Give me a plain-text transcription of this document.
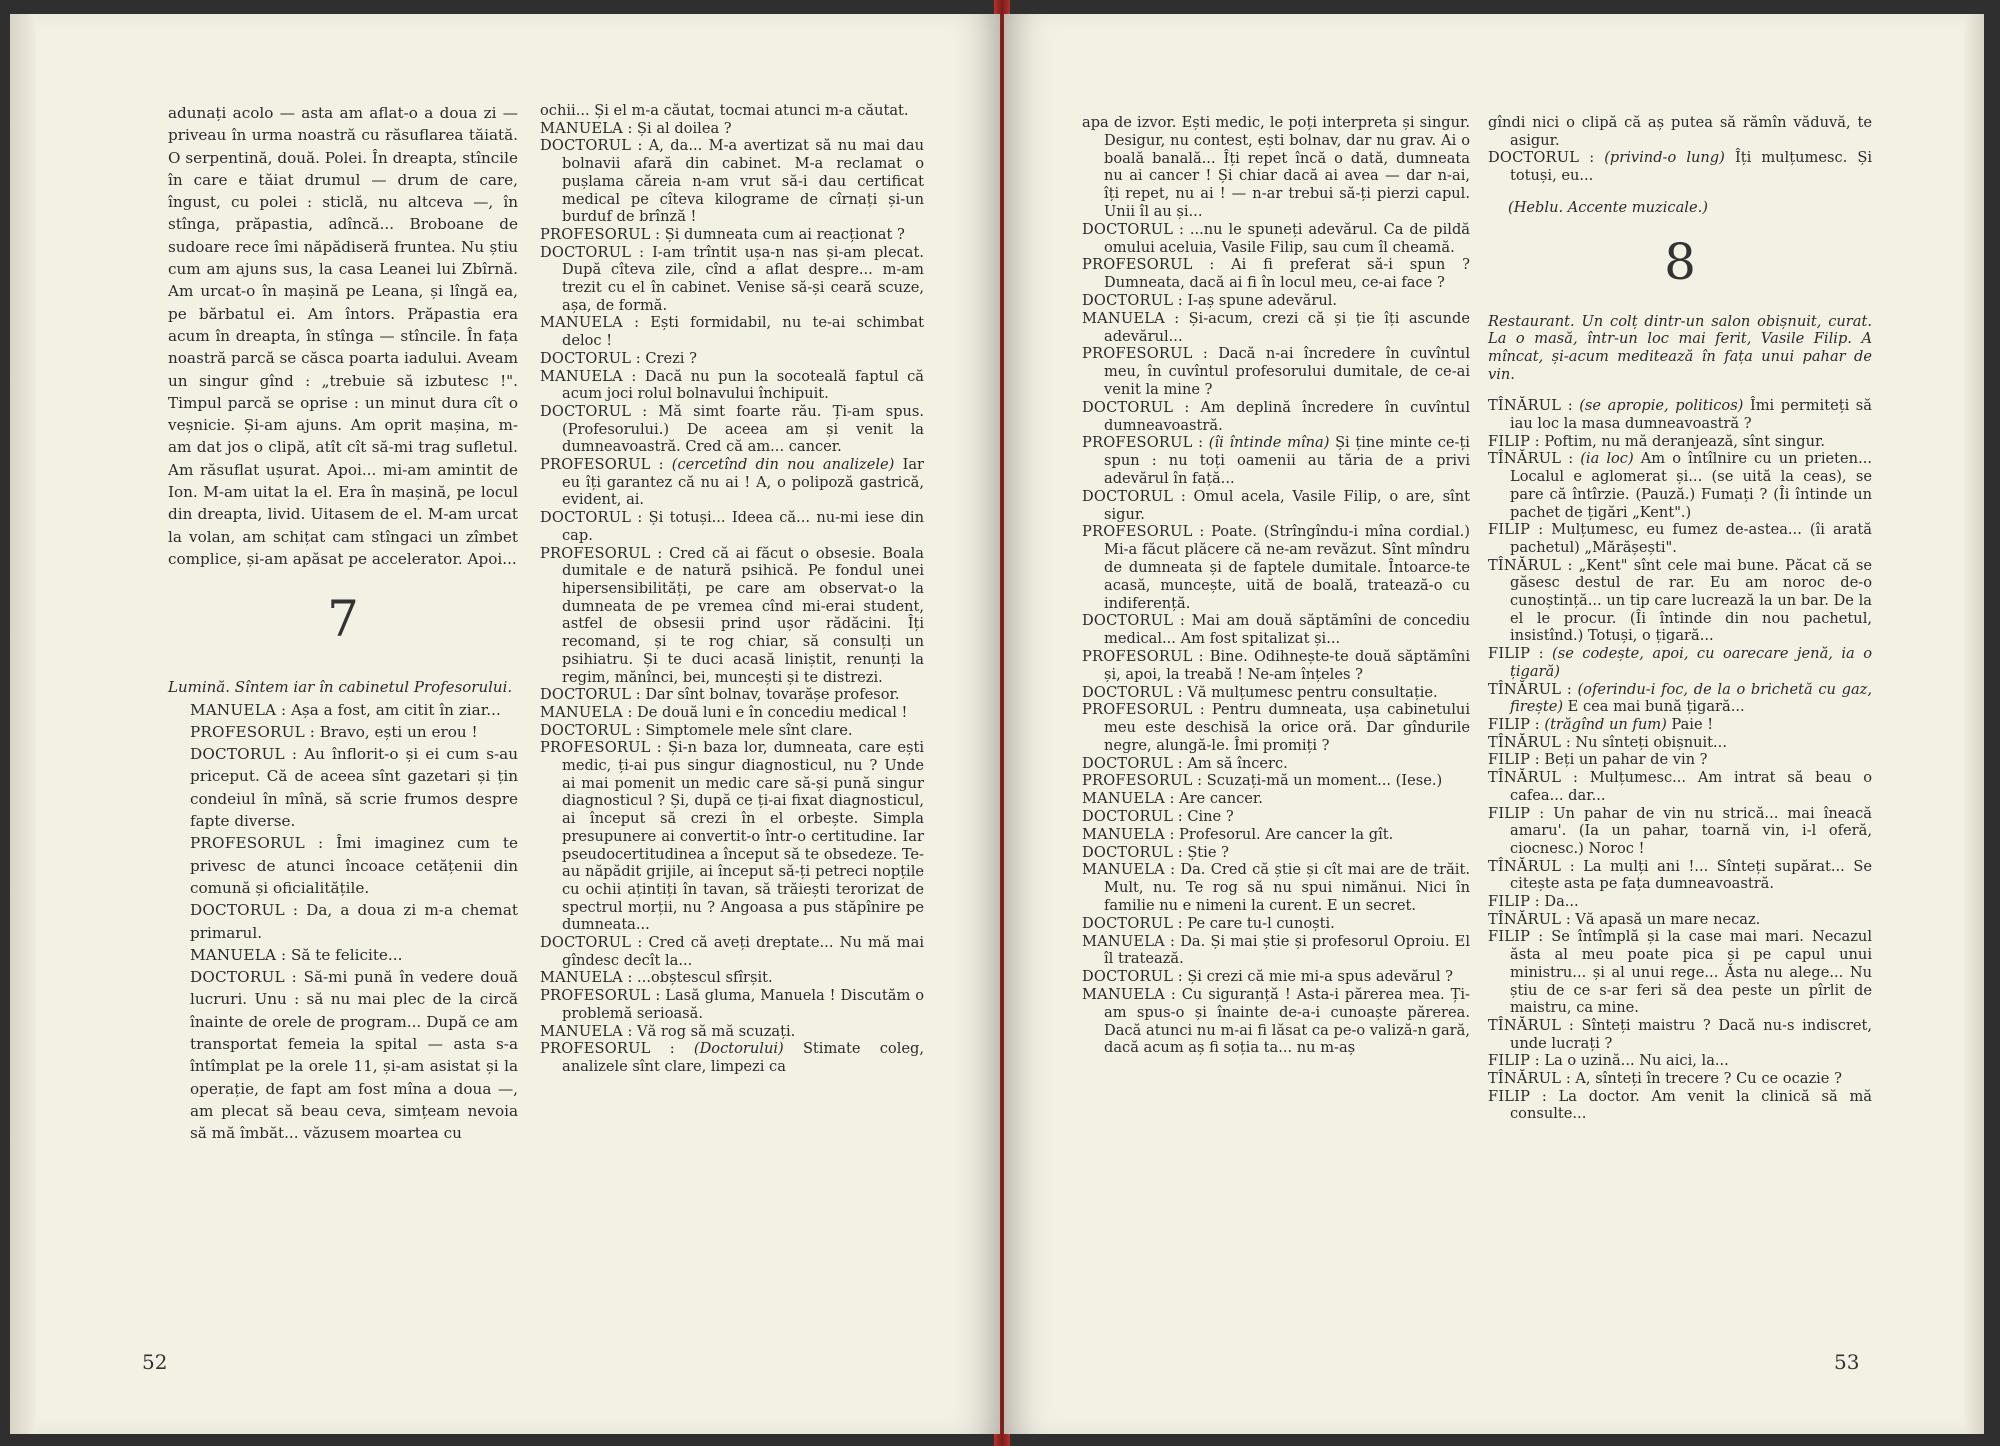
adunați acolo — asta am aflat-o a doua zi — priveau în urma noastră cu răsuflarea tăiată. O serpentină, două. Polei. În dreapta, stîncile în care e tăiat drumul — drum de care, îngust, cu polei : sticlă, nu altceva —, în stînga, prăpastia, adîncă... Broboane de sudoare rece îmi năpădiseră fruntea. Nu știu cum am ajuns sus, la casa Leanei lui Zbîrnă. Am urcat-o în mașină pe Leana, și lîngă ea, pe bărbatul ei. Am întors. Prăpastia era acum în dreapta, în stînga — stîncile. În fața noastră parcă se căsca poarta iadului. Aveam un singur gînd : „trebuie să izbutesc !". Timpul parcă se oprise : un minut dura cît o veșnicie. Și-am ajuns. Am oprit mașina, m-am dat jos o clipă, atît cît să-mi trag sufletul. Am răsuflat ușurat. Apoi... mi-am amintit de Ion. M-am uitat la el. Era în mașină, pe locul din dreapta, livid. Uitasem de el. M-am urcat la volan, am schițat cam stîngaci un zîmbet complice, și-am apăsat pe accelerator. Apoi...

7

Lumină. Sîntem iar în cabinetul Profesorului.

MANUELA : Așa a fost, am citit în ziar...

PROFESORUL : Bravo, ești un erou !

DOCTORUL : Au înflorit-o și ei cum s-au priceput. Că de aceea sînt gazetari și țin condeiul în mînă, să scrie frumos despre fapte diverse.

PROFESORUL : Îmi imaginez cum te privesc de atunci încoace cetățenii din comună și oficialitățile.

DOCTORUL : Da, a doua zi m-a chemat primarul.

MANUELA : Să te felicite...

DOCTORUL : Să-mi pună în vedere două lucruri. Unu : să nu mai plec de la circă înainte de orele de program... După ce am transportat femeia la spital — asta s-a întîmplat pe la orele 11, și-am asistat și la operație, de fapt am fost mîna a doua —, am plecat să beau ceva, simțeam nevoia să mă îmbăt... văzusem moartea cu

ochii... Și el m-a căutat, tocmai atunci m-a căutat.

MANUELA : Și al doilea ?

DOCTORUL : A, da... M-a avertizat să nu mai dau bolnavii afară din cabinet. M-a reclamat o pușlama căreia n-am vrut să-i dau certificat medical pe cîteva kilograme de cîrnați și-un burduf de brînză !

PROFESORUL : Și dumneata cum ai reacționat ?

DOCTORUL : I-am trîntit ușa-n nas și-am plecat. După cîteva zile, cînd a aflat despre... m-am trezit cu el în cabinet. Venise să-și ceară scuze, așa, de formă.

MANUELA : Ești formidabil, nu te-ai schimbat deloc !

DOCTORUL : Crezi ?

MANUELA : Dacă nu pun la socoteală faptul că acum joci rolul bolnavului închipuit.

DOCTORUL : Mă simt foarte rău. Ți-am spus. (Profesorului.) De aceea am și venit la dumneavoastră. Cred că am... cancer.

PROFESORUL : (cercetînd din nou analizele) Iar eu îți garantez că nu ai ! A, o polipoză gastrică, evident, ai.

DOCTORUL : Și totuși... Ideea că... nu-mi iese din cap.

PROFESORUL : Cred că ai făcut o obsesie. Boala dumitale e de natură psihică. Pe fondul unei hipersensibilități, pe care am observat-o la dumneata de pe vremea cînd mi-erai student, astfel de obsesii prind ușor rădăcini. Îți recomand, și te rog chiar, să consulți un psihiatru. Și te duci acasă liniștit, renunți la regim, mănînci, bei, muncești și te distrezi.

DOCTORUL : Dar sînt bolnav, tovarășe profesor.

MANUELA : De două luni e în concediu medical !

DOCTORUL : Simptomele mele sînt clare.

PROFESORUL : Și-n baza lor, dumneata, care ești medic, ți-ai pus singur diagnosticul, nu ? Unde ai mai pomenit un medic care să-și pună singur diagnosticul ? Și, după ce ți-ai fixat diagnosticul, ai început să crezi în el orbește. Simpla presupunere ai convertit-o într-o certitudine. Iar pseudocertitudinea a început să te obsedeze. Te-au năpădit grijile, ai început să-ți petreci nopțile cu ochii ațintiți în tavan, să trăiești terorizat de spectrul morții, nu ? Angoasa a pus stăpînire pe dumneata...

DOCTORUL : Cred că aveți dreptate... Nu mă mai gîndesc decît la...

MANUELA : ...obștescul sfîrșit.

PROFESORUL : Lasă gluma, Manuela ! Discutăm o problemă serioasă.

MANUELA : Vă rog să mă scuzați.

PROFESORUL : (Doctorului) Stimate coleg, analizele sînt clare, limpezi ca

52

apa de izvor. Ești medic, le poți interpreta și singur. Desigur, nu contest, ești bolnav, dar nu grav. Ai o boală banală... Îți repet încă o dată, dumneata nu ai cancer ! Și chiar dacă ai avea — dar n-ai, îți repet, nu ai ! — n-ar trebui să-ți pierzi capul. Unii îl au și...

DOCTORUL : ...nu le spuneți adevărul. Ca de pildă omului aceluia, Vasile Filip, sau cum îl cheamă.

PROFESORUL : Ai fi preferat să-i spun ? Dumneata, dacă ai fi în locul meu, ce-ai face ?

DOCTORUL : I-aș spune adevărul.

MANUELA : Și-acum, crezi că și ție îți ascunde adevărul...

PROFESORUL : Dacă n-ai încredere în cuvîntul meu, în cuvîntul profesorului dumitale, de ce-ai venit la mine ?

DOCTORUL : Am deplină încredere în cuvîntul dumneavoastră.

PROFESORUL : (îi întinde mîna) Și ține minte ce-ți spun : nu toți oamenii au tăria de a privi adevărul în față...

DOCTORUL : Omul acela, Vasile Filip, o are, sînt sigur.

PROFESORUL : Poate. (Strîngîndu-i mîna cordial.) Mi-a făcut plăcere că ne-am revăzut. Sînt mîndru de dumneata și de faptele dumitale. Întoarce-te acasă, muncește, uită de boală, tratează-o cu indiferență.

DOCTORUL : Mai am două săptămîni de concediu medical... Am fost spitalizat și...

PROFESORUL : Bine. Odihnește-te două săptămîni și, apoi, la treabă ! Ne-am înțeles ?

DOCTORUL : Vă mulțumesc pentru consultație.

PROFESORUL : Pentru dumneata, ușa cabinetului meu este deschisă la orice oră. Dar gîndurile negre, alungă-le. Îmi promiți ?

DOCTORUL : Am să încerc.

PROFESORUL : Scuzați-mă un moment... (Iese.)

MANUELA : Are cancer.

DOCTORUL : Cine ?

MANUELA : Profesorul. Are cancer la gît.

DOCTORUL : Știe ?

MANUELA : Da. Cred că știe și cît mai are de trăit. Mult, nu. Te rog să nu spui nimănui. Nici în familie nu e nimeni la curent. E un secret.

DOCTORUL : Pe care tu-l cunoști.

MANUELA : Da. Și mai știe și profesorul Oproiu. El îl tratează.

DOCTORUL : Și crezi că mie mi-a spus adevărul ?

MANUELA : Cu siguranță ! Asta-i părerea mea. Ți-am spus-o și înainte de-a-i cunoaște părerea. Dacă atunci nu m-ai fi lăsat ca pe-o valiză-n gară, dacă acum aș fi soția ta... nu m-aș

gîndi nici o clipă că aș putea să rămîn văduvă, te asigur.

DOCTORUL : (privind-o lung) Îți mulțumesc. Și totuși, eu...

(Heblu. Accente muzicale.)

8

Restaurant. Un colț dintr-un salon obișnuit, curat. La o masă, într-un loc mai ferit, Vasile Filip. A mîncat, și-acum meditează în fața unui pahar de vin.

TÎNĂRUL : (se apropie, politicos) Îmi permiteți să iau loc la masa dumneavoastră ?

FILIP : Poftim, nu mă deranjează, sînt singur.

TÎNĂRUL : (ia loc) Am o întîlnire cu un prieten... Localul e aglomerat și... (se uită la ceas), se pare că întîrzie. (Pauză.) Fumați ? (Îi întinde un pachet de țigări „Kent".)

FILIP : Mulțumesc, eu fumez de-astea... (îi arată pachetul) „Mărășești".

TÎNĂRUL : „Kent" sînt cele mai bune. Păcat că se găsesc destul de rar. Eu am noroc de-o cunoștință... un tip care lucrează la un bar. De la el le procur. (Îi întinde din nou pachetul, insistînd.) Totuși, o țigară...

FILIP : (se codește, apoi, cu oarecare jenă, ia o țigară)

TÎNĂRUL : (oferindu-i foc, de la o brichetă cu gaz, firește) E cea mai bună țigară...

FILIP : (trăgînd un fum) Paie !

TÎNĂRUL : Nu sînteți obișnuit...

FILIP : Beți un pahar de vin ?

TÎNĂRUL : Mulțumesc... Am intrat să beau o cafea... dar...

FILIP : Un pahar de vin nu strică... mai îneacă amaru'. (Ia un pahar, toarnă vin, i-l oferă, ciocnesc.) Noroc !

TÎNĂRUL : La mulți ani !... Sînteți supărat... Se citește asta pe fața dumneavoastră.

FILIP : Da...

TÎNĂRUL : Vă apasă un mare necaz.

FILIP : Se întîmplă și la case mai mari. Necazul ăsta al meu poate pica și pe capul unui ministru... și al unui rege... Ăsta nu alege... Nu știu de ce s-ar feri să dea peste un pîrlit de maistru, ca mine.

TÎNĂRUL : Sînteți maistru ? Dacă nu-s indiscret, unde lucrați ?

FILIP : La o uzină... Nu aici, la...

TÎNĂRUL : A, sînteți în trecere ? Cu ce ocazie ?

FILIP : La doctor. Am venit la clinică să mă consulte...

53
